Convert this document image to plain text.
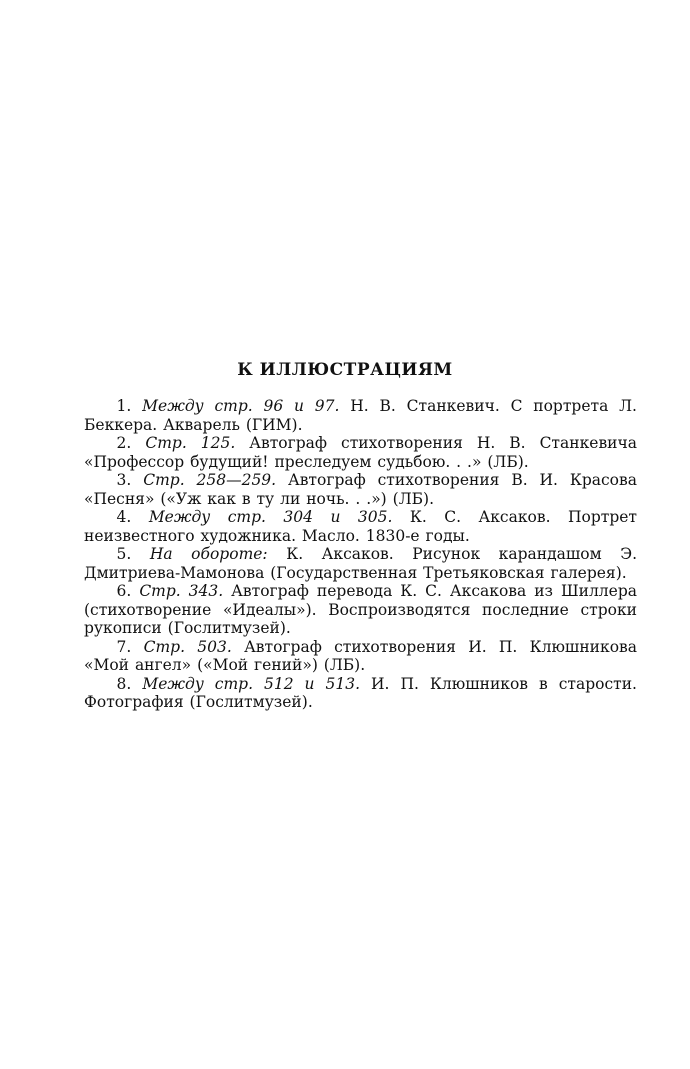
К ИЛЛЮСТРАЦИЯМ
1. Между стр. 96 и 97. Н. В. Станкевич. С портрета Л. Беккера. Акварель (ГИМ).
2. Стр. 125. Автограф стихотворения Н. В. Станкевича «Профессор будущий! преследуем судьбою. . .» (ЛБ).
3. Стр. 258—259. Автограф стихотворения В. И. Красова «Песня» («Уж как в ту ли ночь. . .») (ЛБ).
4. Между стр. 304 и 305. К. С. Аксаков. Портрет неизвестного художника. Масло. 1830-е годы.
5. На обороте: К. Аксаков. Рисунок карандашом Э. Дмитриева-Мамонова (Государственная Третьяковская галерея).
6. Стр. 343. Автограф перевода К. С. Аксакова из Шиллера (стихотворение «Идеалы»). Воспроизводятся последние строки рукописи (Гослитмузей).
7. Стр. 503. Автограф стихотворения И. П. Клюшникова «Мой ангел» («Мой гений») (ЛБ).
8. Между стр. 512 и 513. И. П. Клюшников в старости. Фотография (Гослитмузей).
